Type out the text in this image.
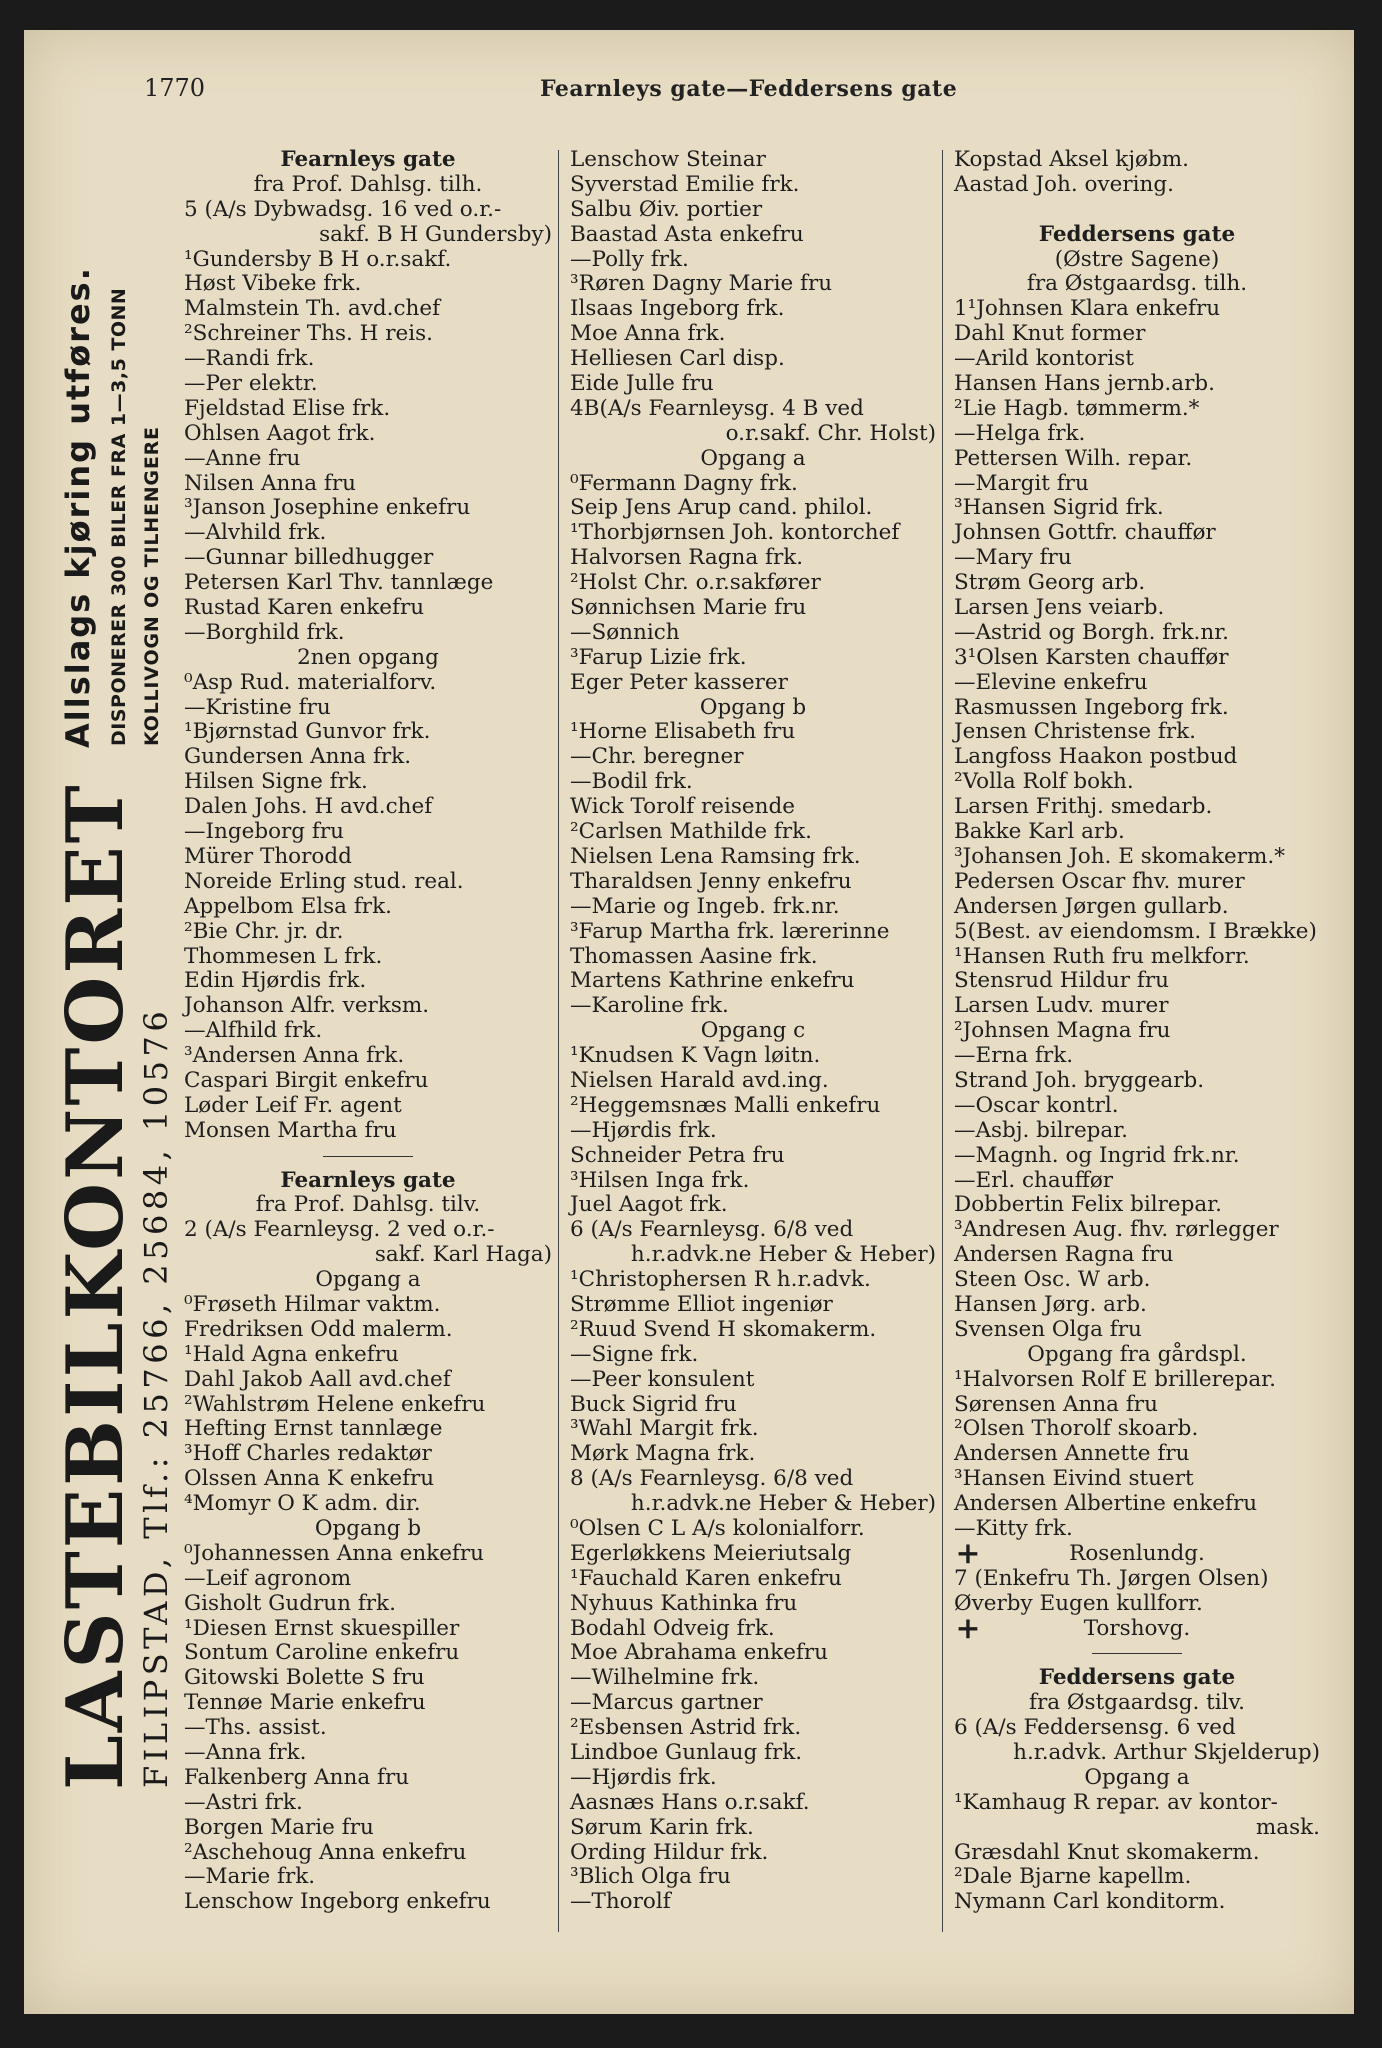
LASTEBILKONTORET
FILIPSTAD, Tlf.: 25766, 25684, 10576
Allslags kjøring utføres. DISPONERER 300 BILER FRA 1—3,5 TONN KOLLIVOGN OG TILHENGERE
1770	Fearnleys gate—Feddersens gate
Fearnleys gate
fra Prof. Dahlsg. tilh.
5 (A/s Dybwadsg. 16 ved o.r.-
sakf. B H Gundersby)
¹Gundersby B H o.r.sakf.
Høst Vibeke frk.
Malmstein Th. avd.chef
²Schreiner Ths. H reis.
—Randi frk.
—Per elektr.
Fjeldstad Elise frk.
Ohlsen Aagot frk.
—Anne fru
Nilsen Anna fru
³Janson Josephine enkefru
—Alvhild frk.
—Gunnar billedhugger
Petersen Karl Thv. tannlæge
Rustad Karen enkefru
—Borghild frk.
2nen opgang
⁰Asp Rud. materialforv.
—Kristine fru
¹Bjørnstad Gunvor frk.
Gundersen Anna frk.
Hilsen Signe frk.
Dalen Johs. H avd.chef
—Ingeborg fru
Mürer Thorodd
Noreide Erling stud. real.
Appelbom Elsa frk.
²Bie Chr. jr. dr.
Thommesen L frk.
Edin Hjørdis frk.
Johanson Alfr. verksm.
—Alfhild frk.
³Andersen Anna frk.
Caspari Birgit enkefru
Løder Leif Fr. agent
Monsen Martha fru
Fearnleys gate
fra Prof. Dahlsg. tilv.
2 (A/s Fearnleysg. 2 ved o.r.-
sakf. Karl Haga)
Opgang a
⁰Frøseth Hilmar vaktm.
Fredriksen Odd malerm.
¹Hald Agna enkefru
Dahl Jakob Aall avd.chef
²Wahlstrøm Helene enkefru
Hefting Ernst tannlæge
³Hoff Charles redaktør
Olssen Anna K enkefru
⁴Momyr O K adm. dir.
Opgang b
⁰Johannessen Anna enkefru
—Leif agronom
Gisholt Gudrun frk.
¹Diesen Ernst skuespiller
Sontum Caroline enkefru
Gitowski Bolette S fru
Tennøe Marie enkefru
—Ths. assist.
—Anna frk.
Falkenberg Anna fru
—Astri frk.
Borgen Marie fru
²Aschehoug Anna enkefru
—Marie frk.
Lenschow Ingeborg enkefru
Lenschow Steinar
Syverstad Emilie frk.
Salbu Øiv. portier
Baastad Asta enkefru
—Polly frk.
³Røren Dagny Marie fru
Ilsaas Ingeborg frk.
Moe Anna frk.
Helliesen Carl disp.
Eide Julle fru
4B(A/s Fearnleysg. 4 B ved
o.r.sakf. Chr. Holst)
Opgang a
⁰Fermann Dagny frk.
Seip Jens Arup cand. philol.
¹Thorbjørnsen Joh. kontorchef
Halvorsen Ragna frk.
²Holst Chr. o.r.sakfører
Sønnichsen Marie fru
—Sønnich
³Farup Lizie frk.
Eger Peter kasserer
Opgang b
¹Horne Elisabeth fru
—Chr. beregner
—Bodil frk.
Wick Torolf reisende
²Carlsen Mathilde frk.
Nielsen Lena Ramsing frk.
Tharaldsen Jenny enkefru
—Marie og Ingeb. frk.nr.
³Farup Martha frk. lærerinne
Thomassen Aasine frk.
Martens Kathrine enkefru
—Karoline frk.
Opgang c
¹Knudsen K Vagn løitn.
Nielsen Harald avd.ing.
²Heggemsnæs Malli enkefru
—Hjørdis frk.
Schneider Petra fru
³Hilsen Inga frk.
Juel Aagot frk.
6 (A/s Fearnleysg. 6/8 ved
h.r.advk.ne Heber & Heber)
¹Christophersen R h.r.advk.
Strømme Elliot ingeniør
²Ruud Svend H skomakerm.
—Signe frk.
—Peer konsulent
Buck Sigrid fru
³Wahl Margit frk.
Mørk Magna frk.
8 (A/s Fearnleysg. 6/8 ved
h.r.advk.ne Heber & Heber)
⁰Olsen C L A/s kolonialforr.
Egerløkkens Meieriutsalg
¹Fauchald Karen enkefru
Nyhuus Kathinka fru
Bodahl Odveig frk.
Moe Abrahama enkefru
—Wilhelmine frk.
—Marcus gartner
²Esbensen Astrid frk.
Lindboe Gunlaug frk.
—Hjørdis frk.
Aasnæs Hans o.r.sakf.
Sørum Karin frk.
Ording Hildur frk.
³Blich Olga fru
—Thorolf
Kopstad Aksel kjøbm.
Aastad Joh. overing.
Feddersens gate
(Østre Sagene)
fra Østgaardsg. tilh.
1¹Johnsen Klara enkefru
Dahl Knut former
—Arild kontorist
Hansen Hans jernb.arb.
²Lie Hagb. tømmerm.*
—Helga frk.
Pettersen Wilh. repar.
—Margit fru
³Hansen Sigrid frk.
Johnsen Gottfr. chauffør
—Mary fru
Strøm Georg arb.
Larsen Jens veiarb.
—Astrid og Borgh. frk.nr.
3¹Olsen Karsten chauffør
—Elevine enkefru
Rasmussen Ingeborg frk.
Jensen Christense frk.
Langfoss Haakon postbud
²Volla Rolf bokh.
Larsen Frithj. smedarb.
Bakke Karl arb.
³Johansen Joh. E skomakerm.*
Pedersen Oscar fhv. murer
Andersen Jørgen gullarb.
5(Best. av eiendomsm. I Brække)
¹Hansen Ruth fru melkforr.
Stensrud Hildur fru
Larsen Ludv. murer
²Johnsen Magna fru
—Erna frk.
Strand Joh. bryggearb.
—Oscar kontrl.
—Asbj. bilrepar.
—Magnh. og Ingrid frk.nr.
—Erl. chauffør
Dobbertin Felix bilrepar.
³Andresen Aug. fhv. rørlegger
Andersen Ragna fru
Steen Osc. W arb.
Hansen Jørg. arb.
Svensen Olga fru
Opgang fra gårdspl.
¹Halvorsen Rolf E brillerepar.
Sørensen Anna fru
²Olsen Thorolf skoarb.
Andersen Annette fru
³Hansen Eivind stuert
Andersen Albertine enkefru
—Kitty frk.
+	Rosenlundg.
7 (Enkefru Th. Jørgen Olsen)
Øverby Eugen kullforr.
+	Torshovg.
Feddersens gate
fra Østgaardsg. tilv.
6 (A/s Feddersensg. 6 ved
h.r.advk. Arthur Skjelderup)
Opgang a
¹Kamhaug R repar. av kontor-
mask.
Græsdahl Knut skomakerm.
²Dale Bjarne kapellm.
Nymann Carl konditorm.
